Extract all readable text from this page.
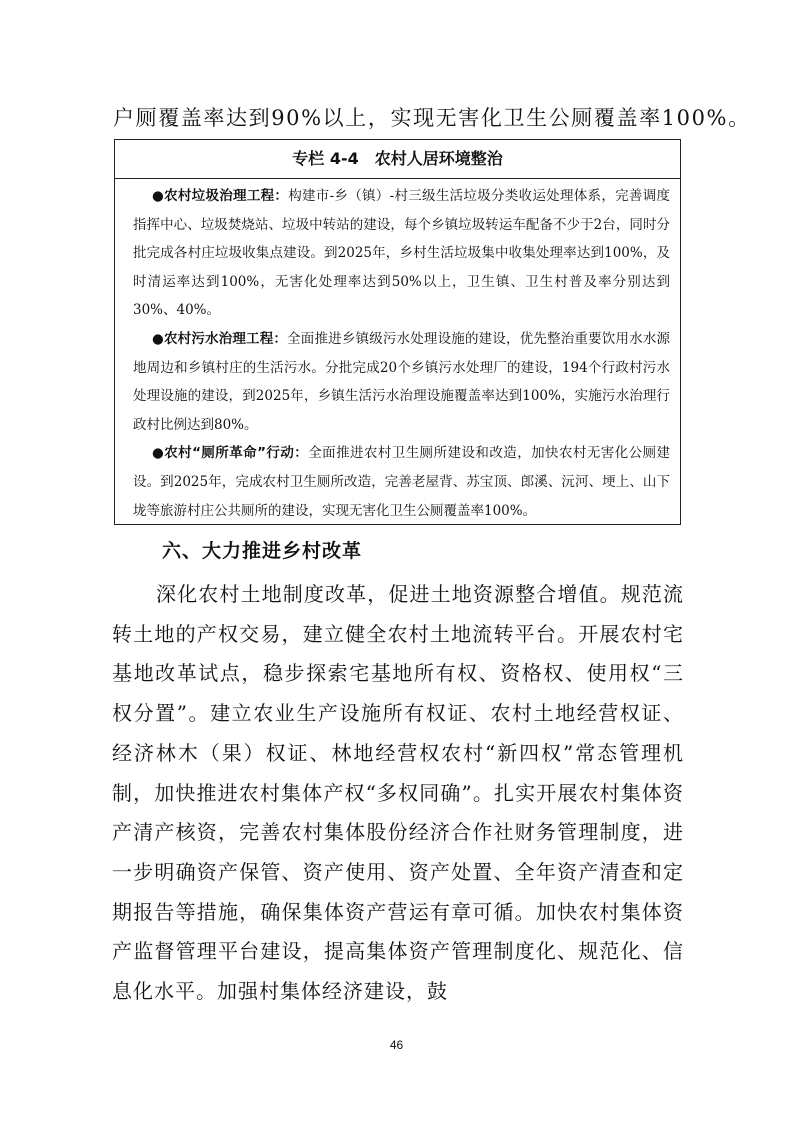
户厕覆盖率达到90%以上，实现无害化卫生公厕覆盖率100%。
专栏 4-4 农村人居环境整治

●农村垃圾治理工程：构建市-乡（镇）-村三级生活垃圾分类收运处理体系，完善调度指挥中心、垃圾焚烧站、垃圾中转站的建设，每个乡镇垃圾转运车配备不少于2台，同时分批完成各村庄垃圾收集点建设。到2025年，乡村生活垃圾集中收集处理率达到100%，及时清运率达到100%，无害化处理率达到50%以上，卫生镇、卫生村普及率分别达到30%、40%。

●农村污水治理工程：全面推进乡镇级污水处理设施的建设，优先整治重要饮用水水源地周边和乡镇村庄的生活污水。分批完成20个乡镇污水处理厂的建设，194个行政村污水处理设施的建设，到2025年，乡镇生活污水治理设施覆盖率达到100%，实施污水治理行政村比例达到80%。

●农村“厕所革命”行动：全面推进农村卫生厕所建设和改造，加快农村无害化公厕建设。到2025年，完成农村卫生厕所改造，完善老屋背、苏宝顶、郎溪、沅河、埂上、山下垅等旅游村庄公共厕所的建设，实现无害化卫生公厕覆盖率100%。

六、大力推进乡村改革

深化农村土地制度改革，促进土地资源整合增值。规范流转土地的产权交易，建立健全农村土地流转平台。开展农村宅基地改革试点，稳步探索宅基地所有权、资格权、使用权“三权分置”。建立农业生产设施所有权证、农村土地经营权证、经济林木（果）权证、林地经营权农村“新四权”常态管理机制，加快推进农村集体产权“多权同确”。扎实开展农村集体资产清产核资，完善农村集体股份经济合作社财务管理制度，进一步明确资产保管、资产使用、资产处置、全年资产清查和定期报告等措施，确保集体资产营运有章可循。加快农村集体资产监督管理平台建设，提高集体资产管理制度化、规范化、信息化水平。加强村集体经济建设，鼓

46
